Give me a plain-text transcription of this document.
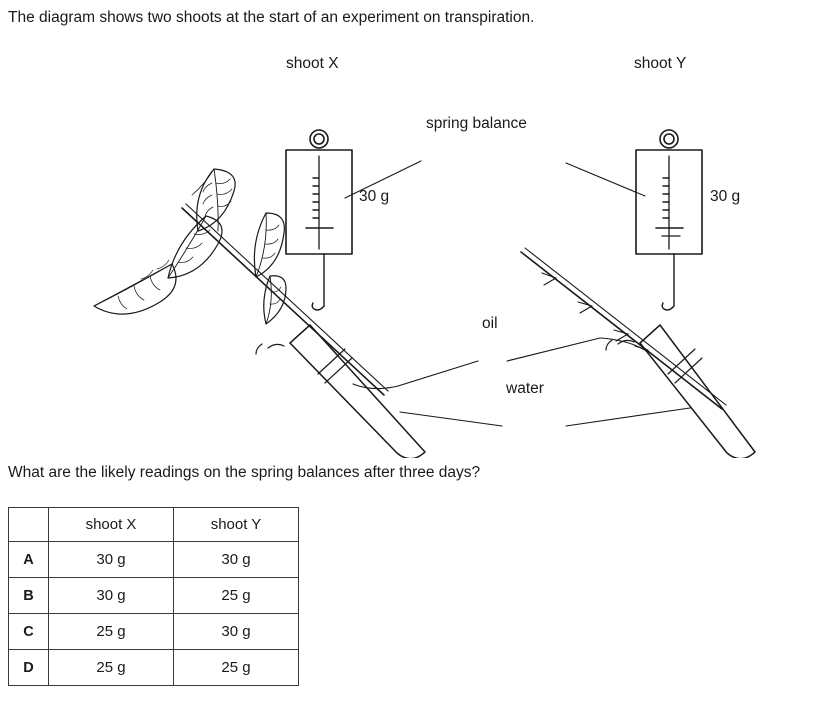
The diagram shows two shoots at the start of an experiment on transpiration.
shoot X	shoot Y
spring balance
30 g	30 g
oil
water
What are the likely readings on the spring balances after three days?
	shoot X	shoot Y
A	30 g	30 g
B	30 g	25 g
C	25 g	30 g
D	25 g	25 g
